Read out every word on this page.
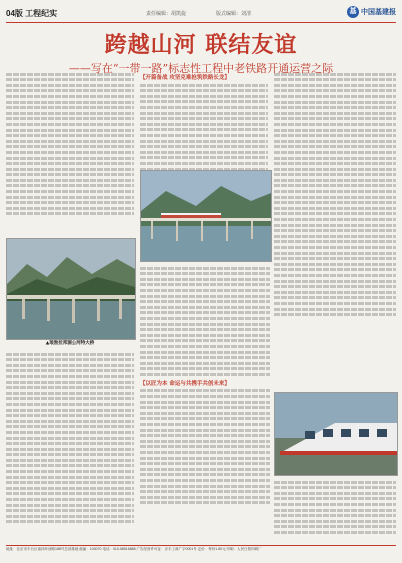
04版 工程纪实	责任编辑：胡凯旋	版式编辑：刘清	基 中国基建报
跨越山河 联结友谊
——写在“一带一路”标志性工程中老铁路开通运营之际
【开篇备战 攻坚克难抢筑铁路长龙】
▲琅勃拉邦湄公河特大桥
【以匠为本 命运与共携手共创未来】
地址：北京市丰台区南四环西路188号总部基地 邮编：100070 电话：010-58516888 广告经营许可证：京丰工商广字0001号 定价：每份1.80元 印刷：人民日报印刷厂
